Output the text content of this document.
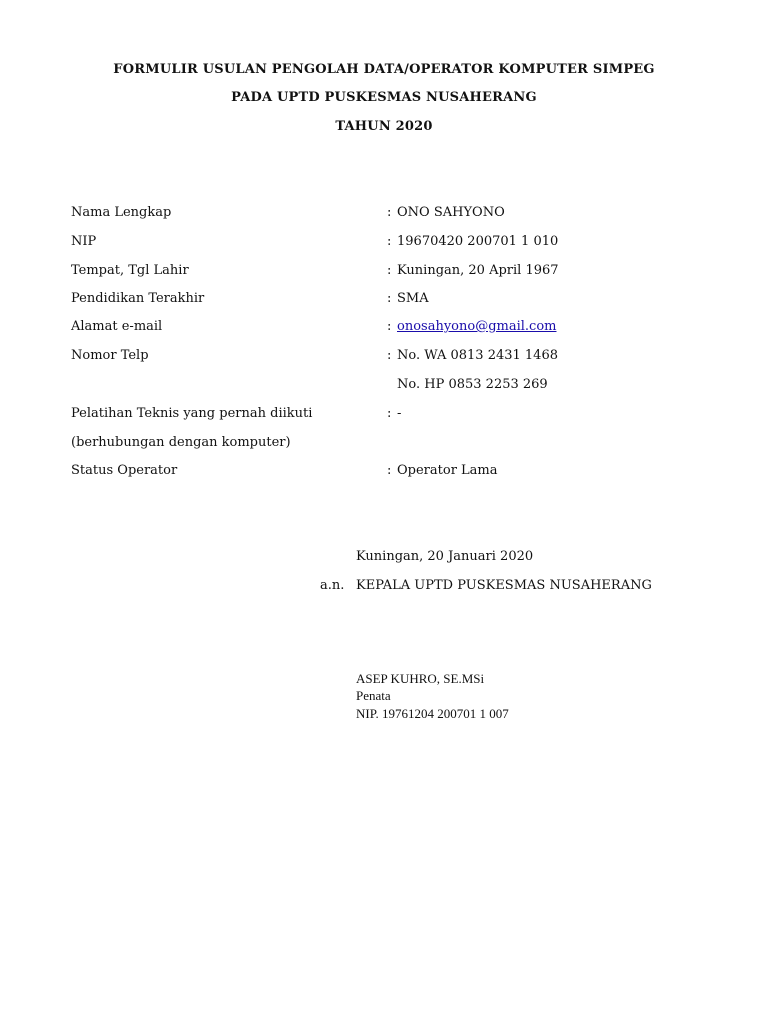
FORMULIR USULAN PENGOLAH DATA/OPERATOR KOMPUTER SIMPEG
PADA UPTD PUSKESMAS NUSAHERANG
TAHUN 2020
Nama Lengkap	: ONO SAHYONO
NIP	: 19670420 200701 1 010
Tempat, Tgl Lahir	: Kuningan, 20 April 1967
Pendidikan Terakhir	: SMA
Alamat e-mail	: onosahyono@gmail.com
Nomor Telp	: No. WA 0813 2431 1468
No. HP 0853 2253 269
Pelatihan Teknis yang pernah diikuti	: -
(berhubungan dengan komputer)
Status Operator	: Operator Lama
Kuningan, 20 Januari 2020
a.n. KEPALA UPTD PUSKESMAS NUSAHERANG
ASEP KUHRO, SE.MSi
Penata
NIP. 19761204 200701 1 007
